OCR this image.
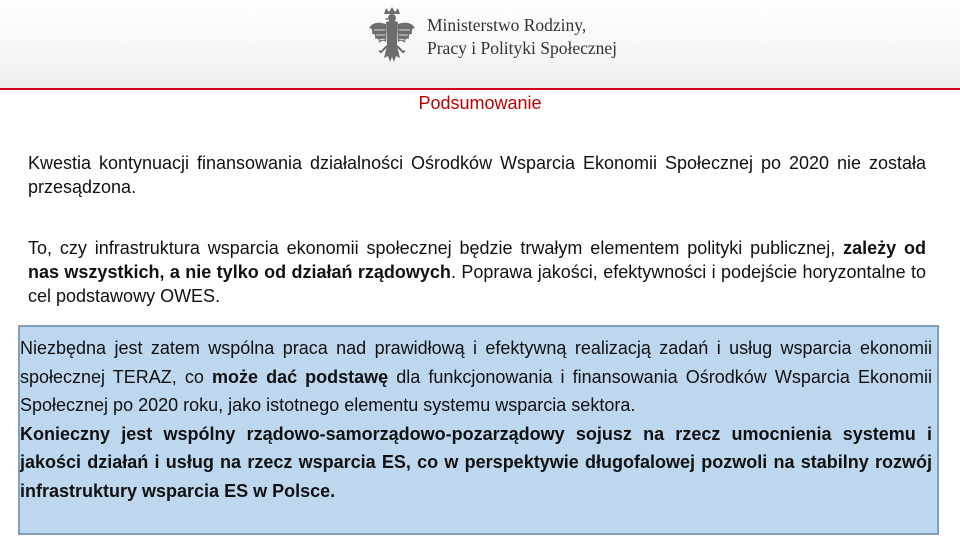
Ministerstwo Rodziny,
Pracy i Polityki Społecznej
Podsumowanie
Kwestia kontynuacji finansowania działalności Ośrodków Wsparcia Ekonomii Społecznej po 2020 nie została przesądzona.
To, czy infrastruktura wsparcia ekonomii społecznej będzie trwałym elementem polityki publicznej, zależy od nas wszystkich, a nie tylko od działań rządowych. Poprawa jakości, efektywności i podejście horyzontalne to cel podstawowy OWES.
Niezbędna jest zatem wspólna praca nad prawidłową i efektywną realizacją zadań i usług wsparcia ekonomii społecznej TERAZ, co może dać podstawę dla funkcjonowania i finansowania Ośrodków Wsparcia Ekonomii Społecznej po 2020 roku, jako istotnego elementu systemu wsparcia sektora.
Konieczny jest wspólny rządowo-samorządowo-pozarządowy sojusz na rzecz umocnienia systemu i jakości działań i usług na rzecz wsparcia ES, co w perspektywie długofalowej pozwoli na stabilny rozwój infrastruktury wsparcia ES w Polsce.
